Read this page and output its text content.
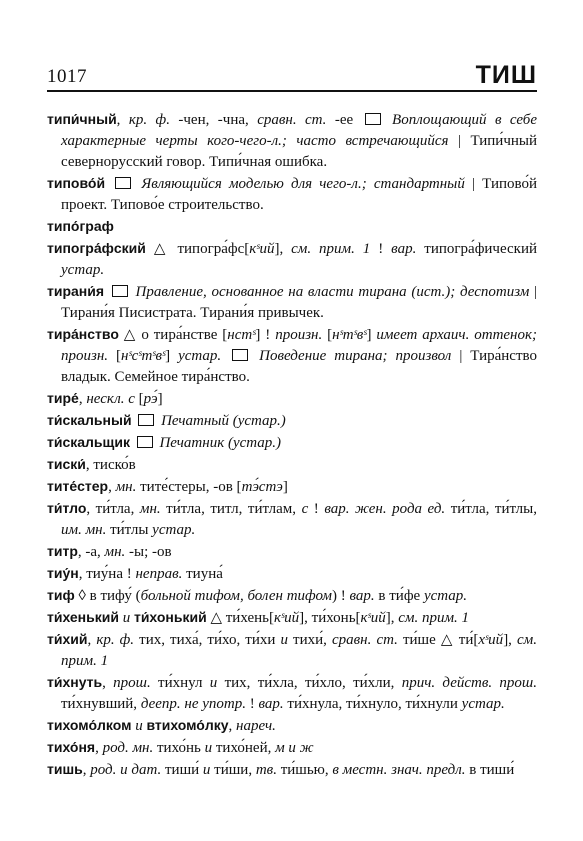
1017	ТИШ

типи́чный, кр. ф. -чен, -чна, сравн. ст. -ее  Воплощающий в себе характерные черты кого-чего-л.; часто встречающийся | Типи́чный севернорусский говор. Типи́чная ошибка.

типово́й  Являющийся моделью для чего-л.; стандартный | Типово́й проект. Типово́е строительство.

типо́граф

типогра́фский △ типогра́фс[кˢий], см. прим. 1 ! вар. типогра́фический устар.

тирани́я  Правление, основанное на власти тирана (ист.); деспотизм | Тирани́я Писистрата. Тирани́я привычек.

тира́нство △ о тира́нстве [нстˢ] ! произн. [нˢтˢвˢ] имеет архаич. оттенок; произн. [нˢсˢтˢвˢ] устар.  Поведение тирана; произвол | Тира́нство владык. Семейное тира́нство.

тире́, нескл. с [рэ́]

ти́скальный  Печатный (устар.)

ти́скальщик  Печатник (устар.)

тиски́, тиско́в

тите́стер, мн. тите́стеры, -ов [тэ́стэ]

ти́тло, ти́тла, мн. ти́тла, титл, ти́тлам, с ! вар. жен. рода ед. ти́тла, ти́тлы, им. мн. ти́тлы устар.

титр, -а, мн. -ы; -ов

тиу́н, тиу́на ! неправ. тиуна́

тиф ◊ в тифу́ (больной тифом, болен тифом) ! вар. в ти́фе устар.

ти́хенький и ти́хонький △ ти́хень[кˢий], ти́хонь[кˢий], см. прим. 1

ти́хий, кр. ф. тих, тиха́, ти́хо, ти́хи и тихи́, сравн. ст. ти́ше △ ти́[хˢий], см. прим. 1

ти́хнуть, прош. ти́хнул и тих, ти́хла, ти́хло, ти́хли, прич. действ. прош. ти́хнувший, деепр. не употр. ! вар. ти́хнула, ти́хнуло, ти́хнули устар.

тихомо́лком и втихомо́лку, нареч.

тихо́ня, род. мн. тихо́нь и тихо́ней, м и ж

тишь, род. и дат. тиши́ и ти́ши, тв. ти́шью, в местн. знач. предл. в тиши́
